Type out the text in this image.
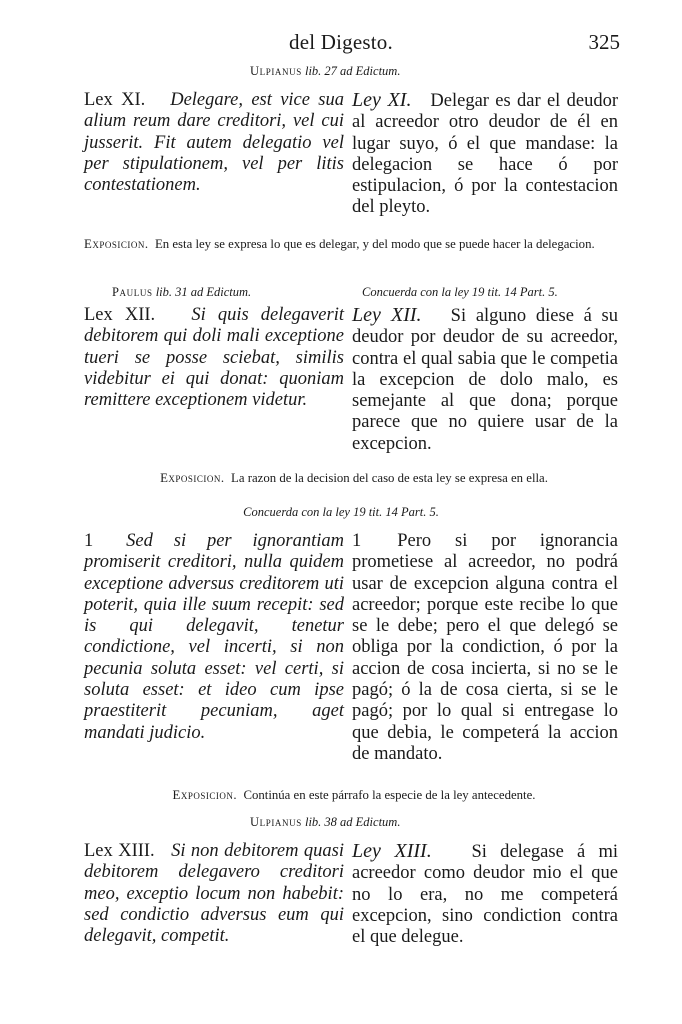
del Digesto.	325
Ulpianus lib. 27 ad Edictum.

Lex XI. Delegare, est vice sua alium reum dare creditori, vel cui jusserit. Fit autem delegatio vel per stipulationem, vel per litis contestationem.

Ley XI. Delegar es dar el deudor al acreedor otro deudor de él en lugar suyo, ó el que mandase: la delegacion se hace ó por estipulacion, ó por la contestacion del pleyto.

Exposicion. En esta ley se expresa lo que es delegar, y del modo que se puede hacer la delegacion.
Paulus lib. 31 ad Edictum.	Concuerda con la ley 19 tit. 14 Part. 5.

Lex XII. Si quis delegaverit debitorem qui doli mali exceptione tueri se posse sciebat, similis videbitur ei qui donat: quoniam remittere exceptionem videtur.

Ley XII. Si alguno diese á su deudor por deudor de su acreedor, contra el qual sabia que le competia la excepcion de dolo malo, es semejante al que dona; porque parece que no quiere usar de la excepcion.

Exposicion. La razon de la decision del caso de esta ley se expresa en ella.
Concuerda con la ley 19 tit. 14 Part. 5.

1 Sed si per ignorantiam promiserit creditori, nulla quidem exceptione adversus creditorem uti poterit, quia ille suum recepit: sed is qui delegavit, tenetur condictione, vel incerti, si non pecunia soluta esset: vel certi, si soluta esset: et ideo cum ipse praestiterit pecuniam, aget mandati judicio.

1 Pero si por ignorancia prometiese al acreedor, no podrá usar de excepcion alguna contra el acreedor; porque este recibe lo que se le debe; pero el que delegó se obliga por la condiction, ó por la accion de cosa incierta, si no se le pagó; ó la de cosa cierta, si se le pagó; por lo qual si entregase lo que debia, le competerá la accion de mandato.

Exposicion. Continúa en este párrafo la especie de la ley antecedente.
Ulpianus lib. 38 ad Edictum.

Lex XIII. Si non debitorem quasi debitorem delegavero creditori meo, exceptio locum non habebit: sed condictio adversus eum qui delegavit, competit.

Ley XIII. Si delegase á mi acreedor como deudor mio el que no lo era, no me competerá excepcion, sino condiction contra el que delegue.
